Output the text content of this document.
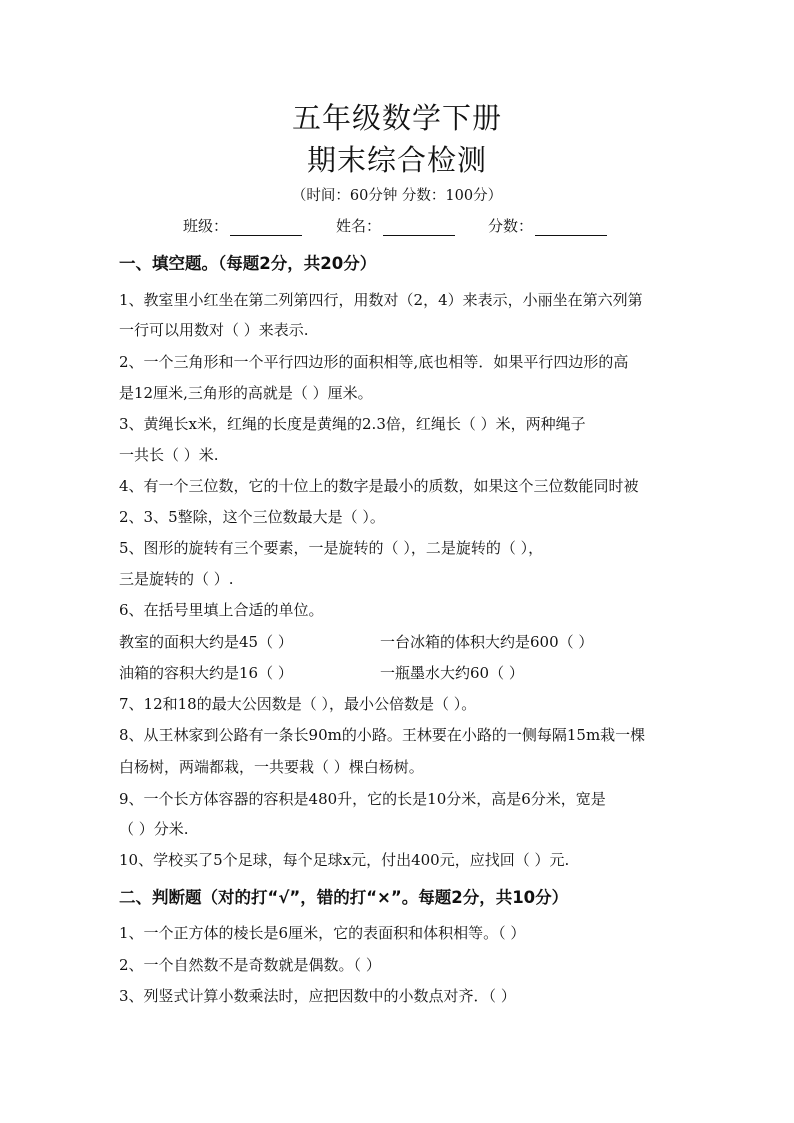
五年级数学下册
期末综合检测
（时间：60分钟 分数：100分）
班级：	姓名：	分数：
一、填空题。（每题2分，共20分）
1、教室里小红坐在第二列第四行，用数对（2，4）来表示，小丽坐在第六列第
一行可以用数对（ ）来表示.
2、一个三角形和一个平行四边形的面积相等,底也相等．如果平行四边形的高
是12厘米,三角形的高就是（ ）厘米。
3、黄绳长x米，红绳的长度是黄绳的2.3倍，红绳长（ ）米，两种绳子
一共长（ ）米.
4、有一个三位数，它的十位上的数字是最小的质数，如果这个三位数能同时被
2、3、5整除，这个三位数最大是（ ）。
5、图形的旋转有三个要素，一是旋转的（ ），二是旋转的（ ），
三是旋转的（ ）.
6、在括号里填上合适的单位。
教室的面积大约是45（ ）	一台冰箱的体积大约是600（ ）
油箱的容积大约是16（ ）	一瓶墨水大约60（ ）
7、12和18的最大公因数是（ ），最小公倍数是（ ）。
8、从王林家到公路有一条长90m的小路。王林要在小路的一侧每隔15m栽一棵
白杨树，两端都栽，一共要栽（ ）棵白杨树。
9、一个长方体容器的容积是480升，它的长是10分米，高是6分米，宽是
（ ）分米.
10、学校买了5个足球，每个足球x元，付出400元，应找回（ ）元.
二、判断题（对的打“√”，错的打“×”。每题2分，共10分）
1、一个正方体的棱长是6厘米，它的表面积和体积相等。（ ）
2、一个自然数不是奇数就是偶数。（ ）
3、列竖式计算小数乘法时，应把因数中的小数点对齐．（ ）
